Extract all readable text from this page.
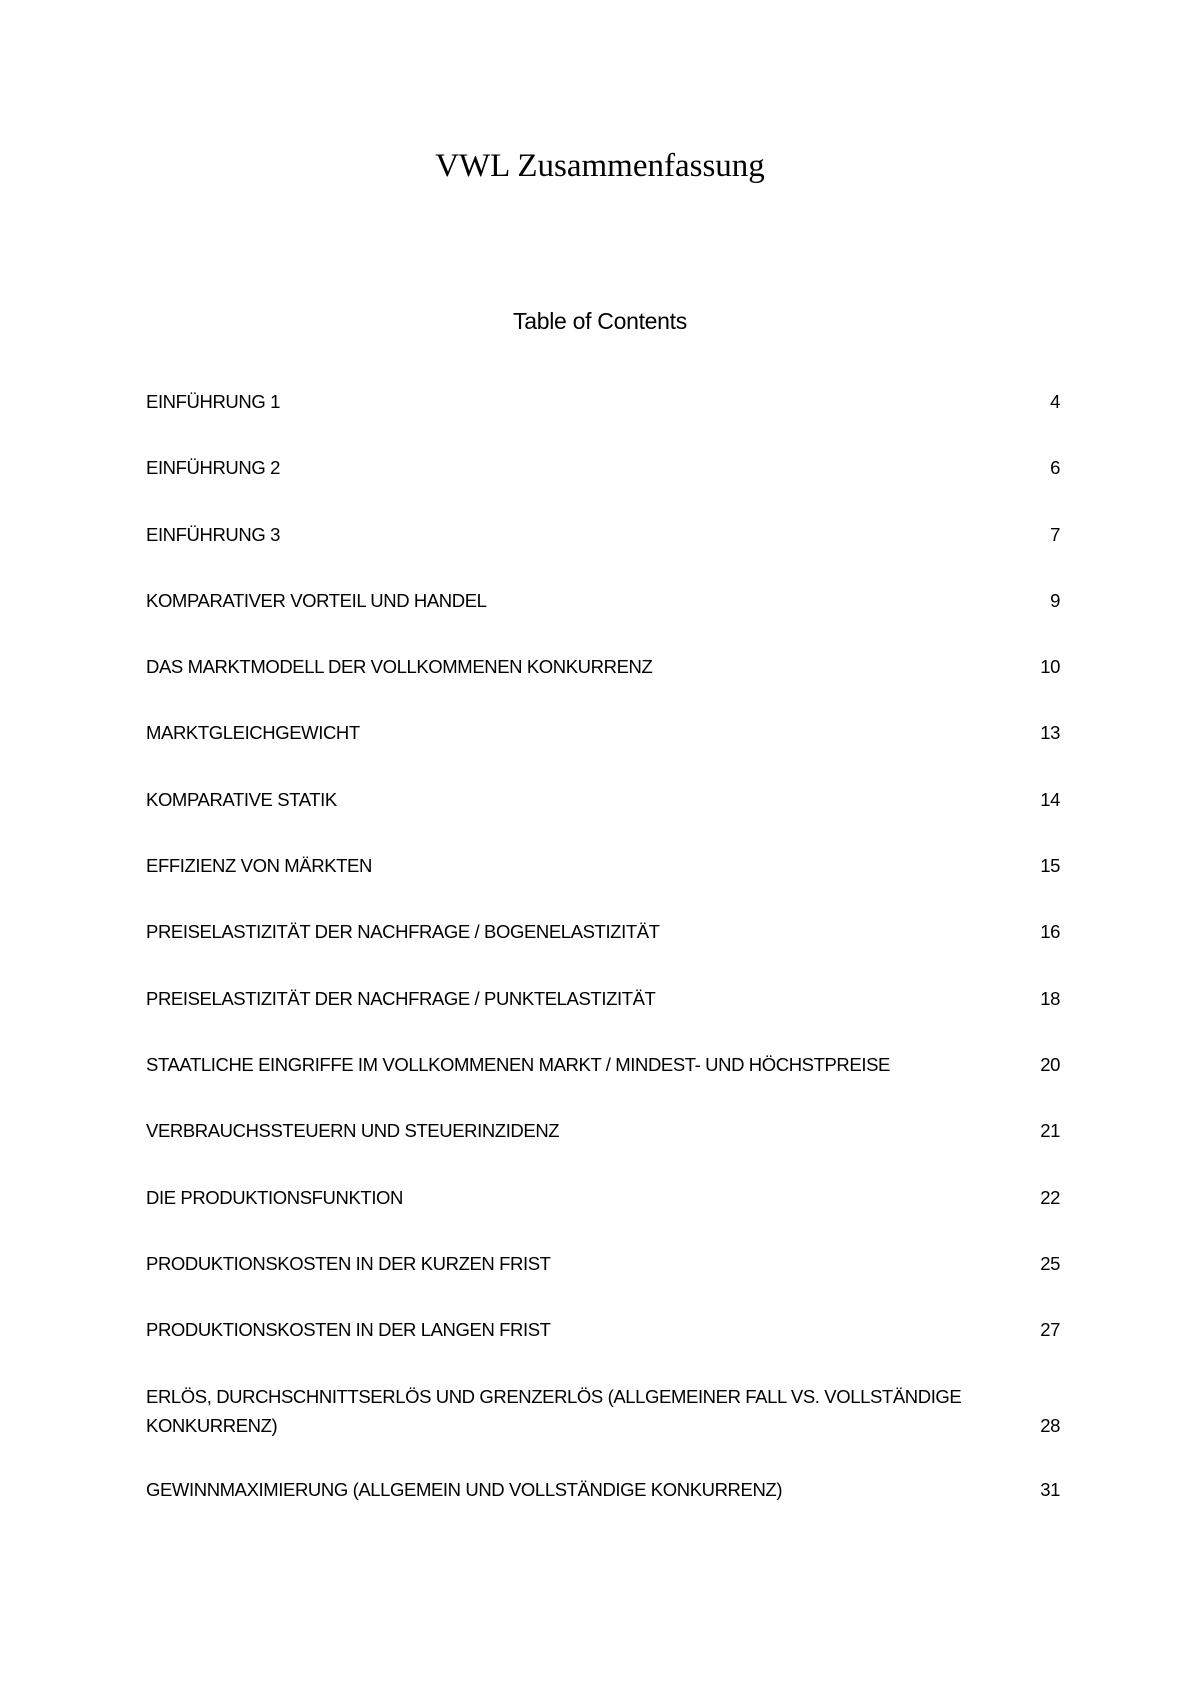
VWL Zusammenfassung
Table of Contents
EINFÜHRUNG 1	4
EINFÜHRUNG 2	6
EINFÜHRUNG 3	7
KOMPARATIVER VORTEIL UND HANDEL	9
DAS MARKTMODELL DER VOLLKOMMENEN KONKURRENZ	10
MARKTGLEICHGEWICHT	13
KOMPARATIVE STATIK	14
EFFIZIENZ VON MÄRKTEN	15
PREISELASTIZITÄT DER NACHFRAGE / BOGENELASTIZITÄT	16
PREISELASTIZITÄT DER NACHFRAGE / PUNKTELASTIZITÄT	18
STAATLICHE EINGRIFFE IM VOLLKOMMENEN MARKT / MINDEST- UND HÖCHSTPREISE	20
VERBRAUCHSSTEUERN UND STEUERINZIDENZ	21
DIE PRODUKTIONSFUNKTION	22
PRODUKTIONSKOSTEN IN DER KURZEN FRIST	25
PRODUKTIONSKOSTEN IN DER LANGEN FRIST	27
ERLÖS, DURCHSCHNITTSERLÖS UND GRENZERLÖS (ALLGEMEINER FALL VS. VOLLSTÄNDIGE KONKURRENZ)	28
GEWINNMAXIMIERUNG (ALLGEMEIN UND VOLLSTÄNDIGE KONKURRENZ)	31
